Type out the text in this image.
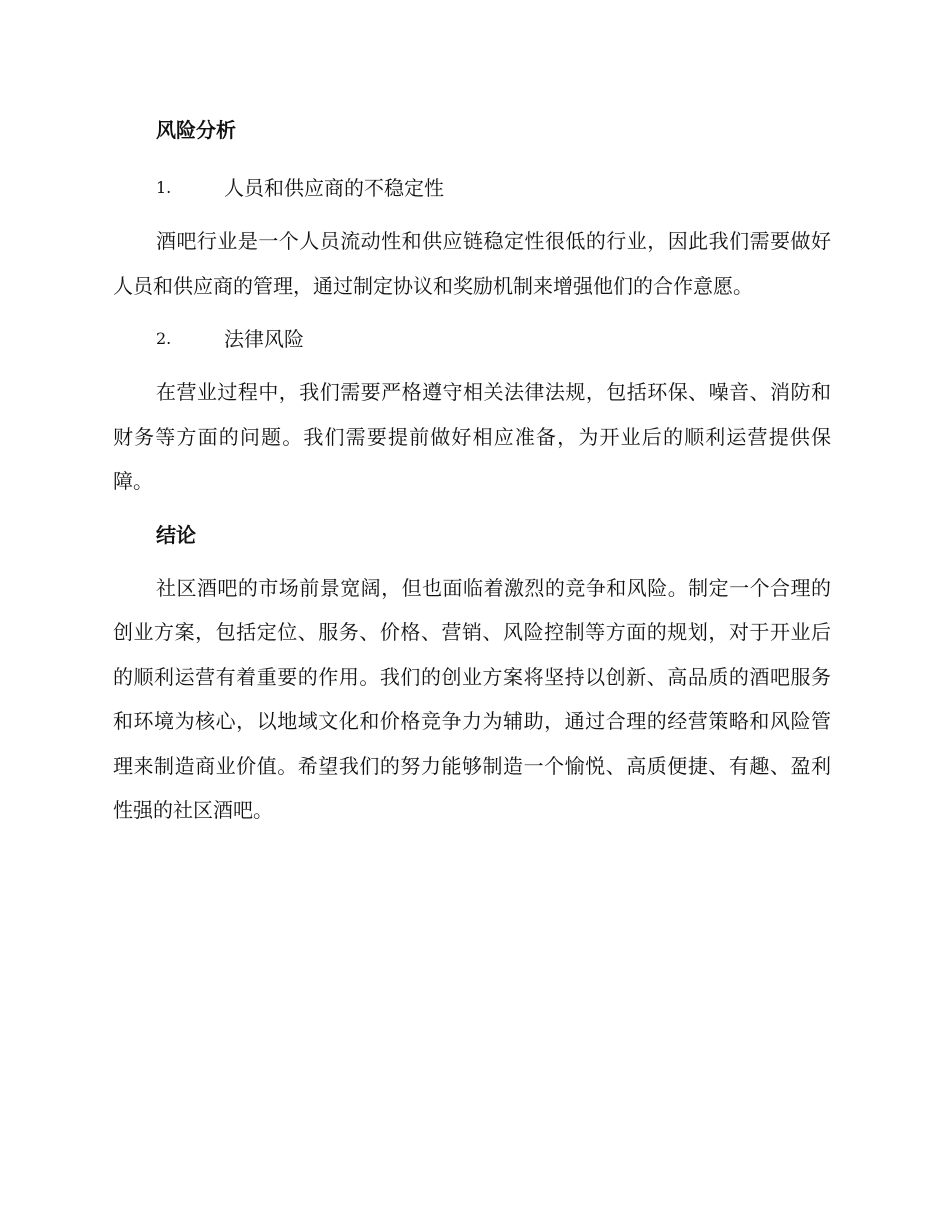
风险分析
1.	人员和供应商的不稳定性

酒吧行业是一个人员流动性和供应链稳定性很低的行业，因此我们需要做好人员和供应商的管理，通过制定协议和奖励机制来增强他们的合作意愿。

2.	法律风险

在营业过程中，我们需要严格遵守相关法律法规，包括环保、噪音、消防和财务等方面的问题。我们需要提前做好相应准备，为开业后的顺利运营提供保障。

结论

社区酒吧的市场前景宽阔，但也面临着激烈的竞争和风险。制定一个合理的创业方案，包括定位、服务、价格、营销、风险控制等方面的规划，对于开业后的顺利运营有着重要的作用。我们的创业方案将坚持以创新、高品质的酒吧服务和环境为核心，以地域文化和价格竞争力为辅助，通过合理的经营策略和风险管理来制造商业价值。希望我们的努力能够制造一个愉悦、高质便捷、有趣、盈利性强的社区酒吧。
